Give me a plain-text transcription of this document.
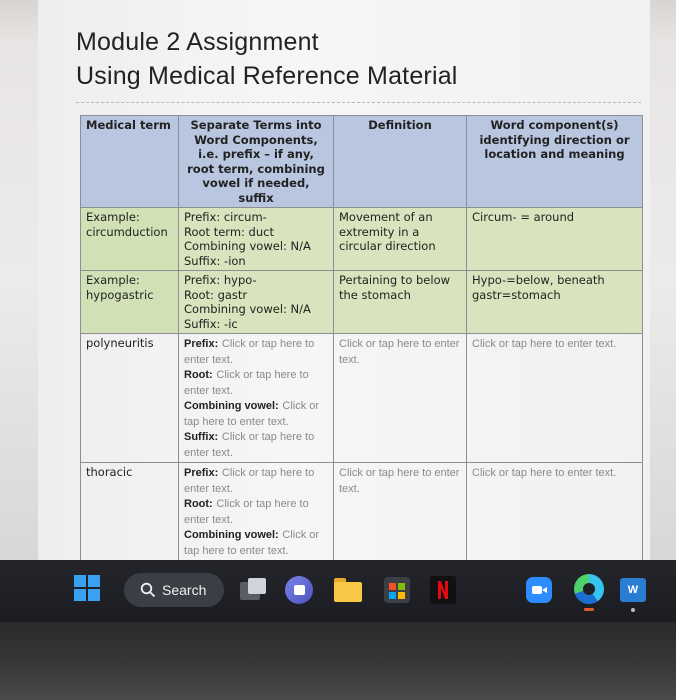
Module 2 Assignment
Using Medical Reference Material
Medical term	Separate Terms into Word Components, i.e. prefix – if any, root term, combining vowel if needed, suffix	Definition	Word component(s) identifying direction or location and meaning
Example: circumduction	Prefix: circum-
Root term: duct
Combining vowel: N/A
Suffix: -ion	Movement of an extremity in a circular direction	Circum- = around
Example: hypogastric	Prefix: hypo-
Root: gastr
Combining vowel: N/A
Suffix: -ic	Pertaining to below the stomach	Hypo-=below, beneath gastr=stomach
polyneuritis	Prefix: Click or tap here to enter text.
Root: Click or tap here to enter text.
Combining vowel: Click or tap here to enter text.
Suffix: Click or tap here to enter text.	Click or tap here to enter text.	Click or tap here to enter text.
thoracic	Prefix: Click or tap here to enter text.
Root: Click or tap here to enter text.
Combining vowel: Click or tap here to enter text.	Click or tap here to enter text.	Click or tap here to enter text.

Search	W
